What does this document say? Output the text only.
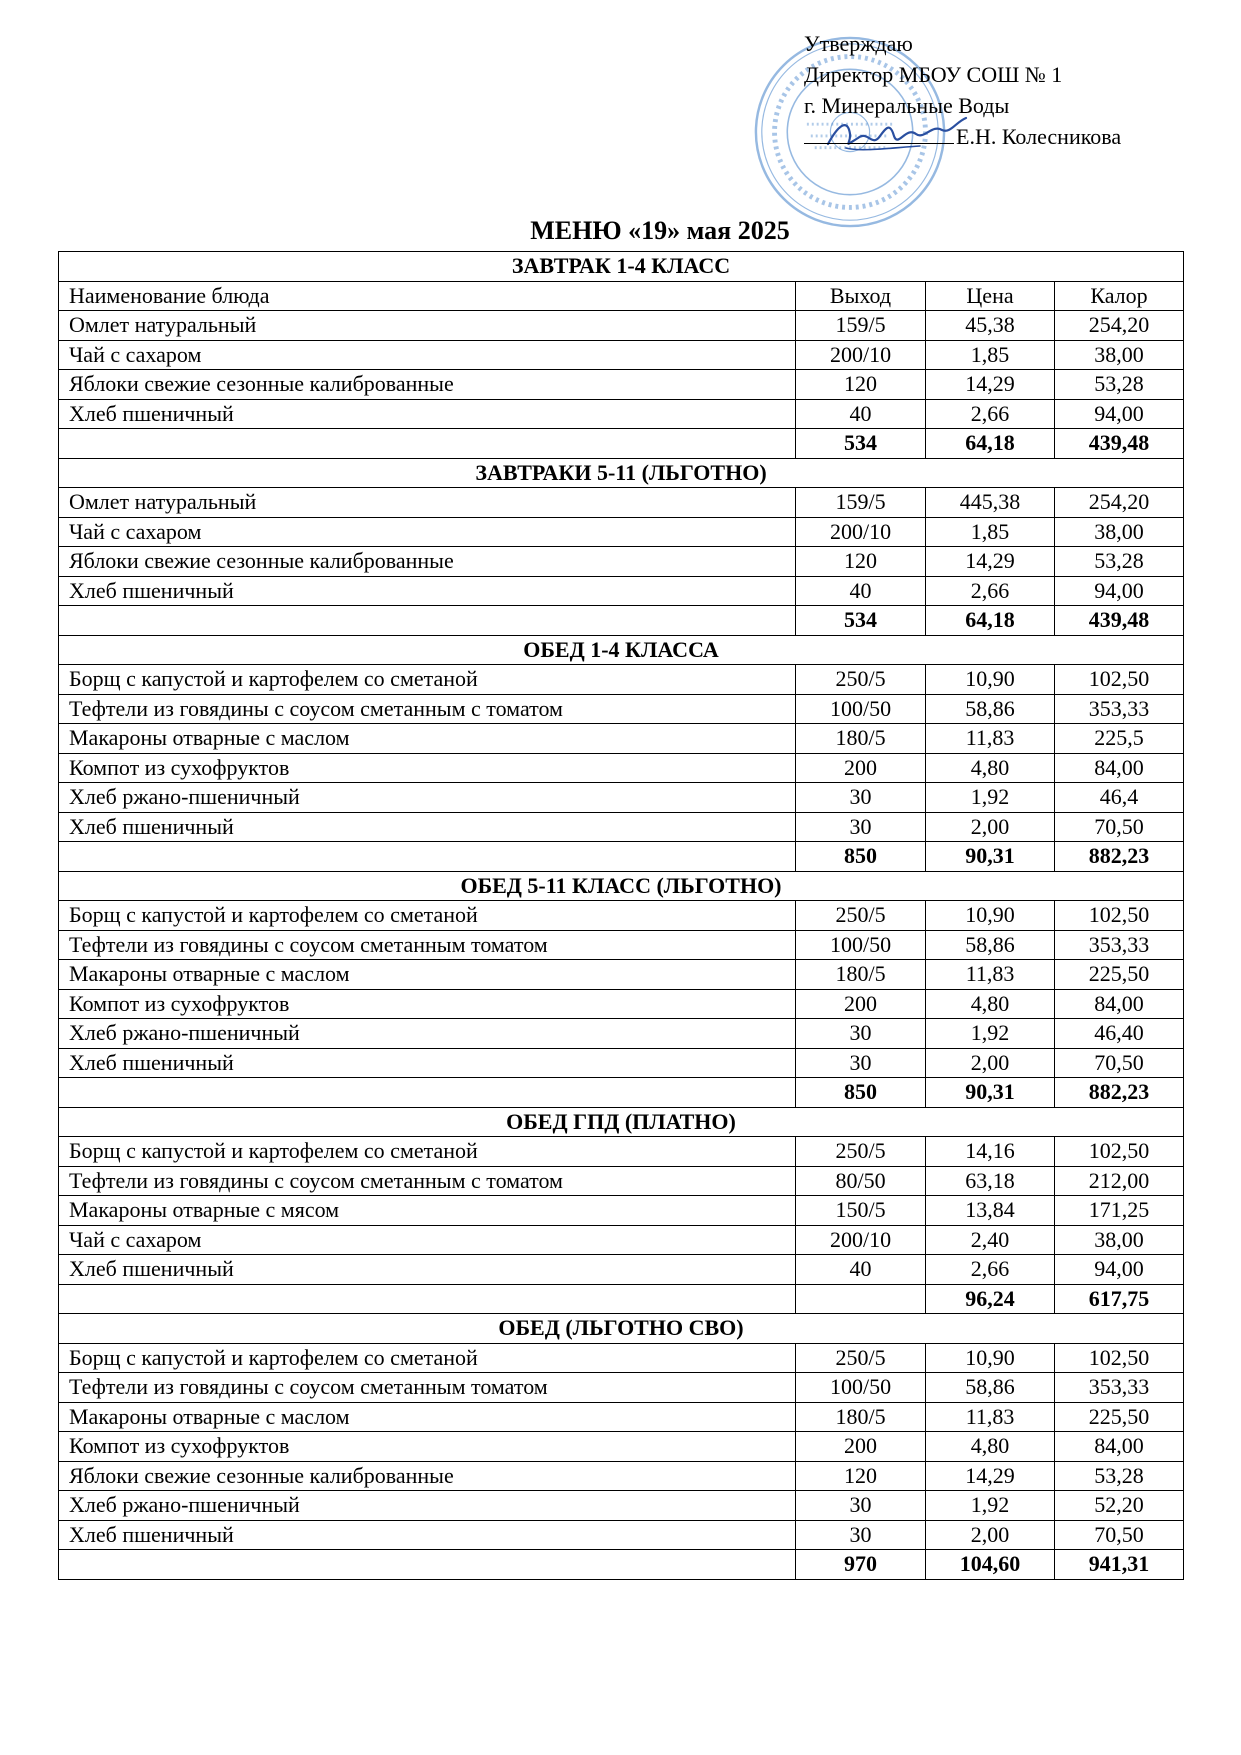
Утверждаю
Директор МБОУ СОШ № 1
г. Минеральные Воды
Е.Н. Колесникова
МЕНЮ «19» мая 2025
ЗАВТРАК 1-4 КЛАСС			
Наименование блюда	Выход	Цена	Калор
Омлет натуральный	159/5	45,38	254,20
Чай с сахаром	200/10	1,85	38,00
Яблоки свежие сезонные калиброванные	120	14,29	53,28
Хлеб пшеничный	40	2,66	94,00
	534	64,18	439,48
ЗАВТРАКИ 5-11 (ЛЬГОТНО)			
Омлет натуральный	159/5	445,38	254,20
Чай с сахаром	200/10	1,85	38,00
Яблоки свежие сезонные калиброванные	120	14,29	53,28
Хлеб пшеничный	40	2,66	94,00
	534	64,18	439,48
ОБЕД 1-4 КЛАССА			
Борщ с капустой и картофелем со сметаной	250/5	10,90	102,50
Тефтели из говядины с соусом сметанным с томатом	100/50	58,86	353,33
Макароны отварные с маслом	180/5	11,83	225,5
Компот из сухофруктов	200	4,80	84,00
Хлеб ржано-пшеничный	30	1,92	46,4
Хлеб пшеничный	30	2,00	70,50
	850	90,31	882,23
ОБЕД 5-11 КЛАСС (ЛЬГОТНО)			
Борщ с капустой и картофелем со сметаной	250/5	10,90	102,50
Тефтели из говядины с соусом сметанным томатом	100/50	58,86	353,33
Макароны отварные с маслом	180/5	11,83	225,50
Компот из сухофруктов	200	4,80	84,00
Хлеб ржано-пшеничный	30	1,92	46,40
Хлеб пшеничный	30	2,00	70,50
	850	90,31	882,23
ОБЕД ГПД (ПЛАТНО)			
Борщ с капустой и картофелем со сметаной	250/5	14,16	102,50
Тефтели из говядины с соусом сметанным с томатом	80/50	63,18	212,00
Макароны отварные с мясом	150/5	13,84	171,25
Чай с сахаром	200/10	2,40	38,00
Хлеб пшеничный	40	2,66	94,00
		96,24	617,75
ОБЕД (ЛЬГОТНО СВО)			
Борщ с капустой и картофелем со сметаной	250/5	10,90	102,50
Тефтели из говядины с соусом сметанным томатом	100/50	58,86	353,33
Макароны отварные с маслом	180/5	11,83	225,50
Компот из сухофруктов	200	4,80	84,00
Яблоки свежие сезонные калиброванные	120	14,29	53,28
Хлеб ржано-пшеничный	30	1,92	52,20
Хлеб пшеничный	30	2,00	70,50
	970	104,60	941,31
